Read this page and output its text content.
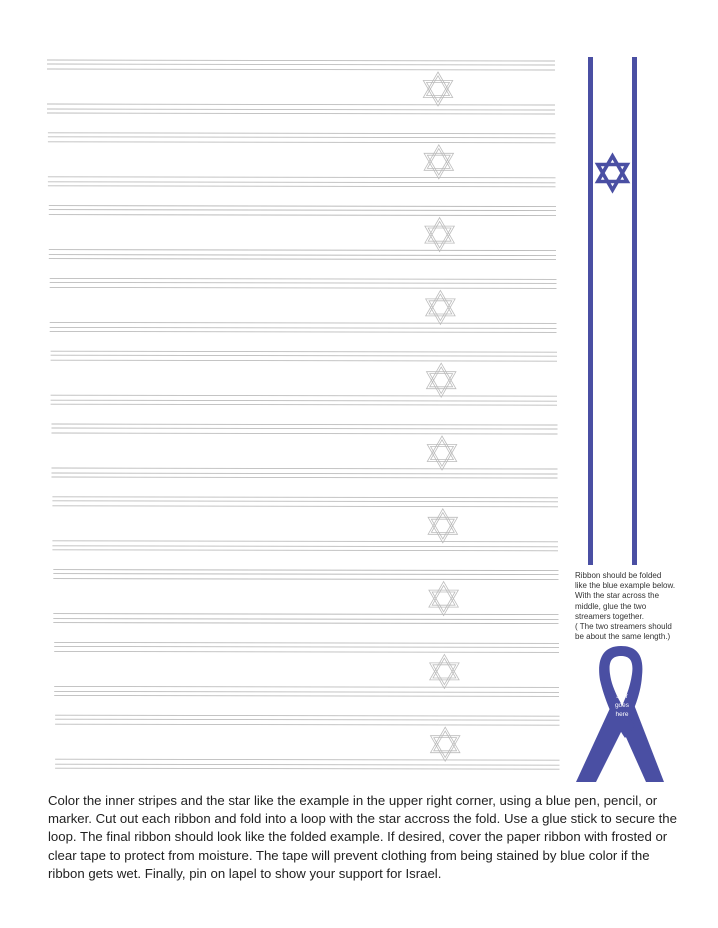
Ribbon should be folded

like the blue example below.

With the star across the

middle, glue the two

streamers together.

( The two streamers should

be about the same length.)

Star
goes
here

Color the inner stripes and the star like the example in the upper right corner, using a blue pen, pencil, or marker. Cut out each ribbon and fold into a loop with the star accross the fold. Use a glue stick to secure the loop. The final ribbon should look like the folded example. If desired, cover the paper ribbon with frosted or clear tape to protect from moisture. The tape will prevent clothing from being stained by blue color if the ribbon gets wet. Finally, pin on lapel to show your support for Israel.
